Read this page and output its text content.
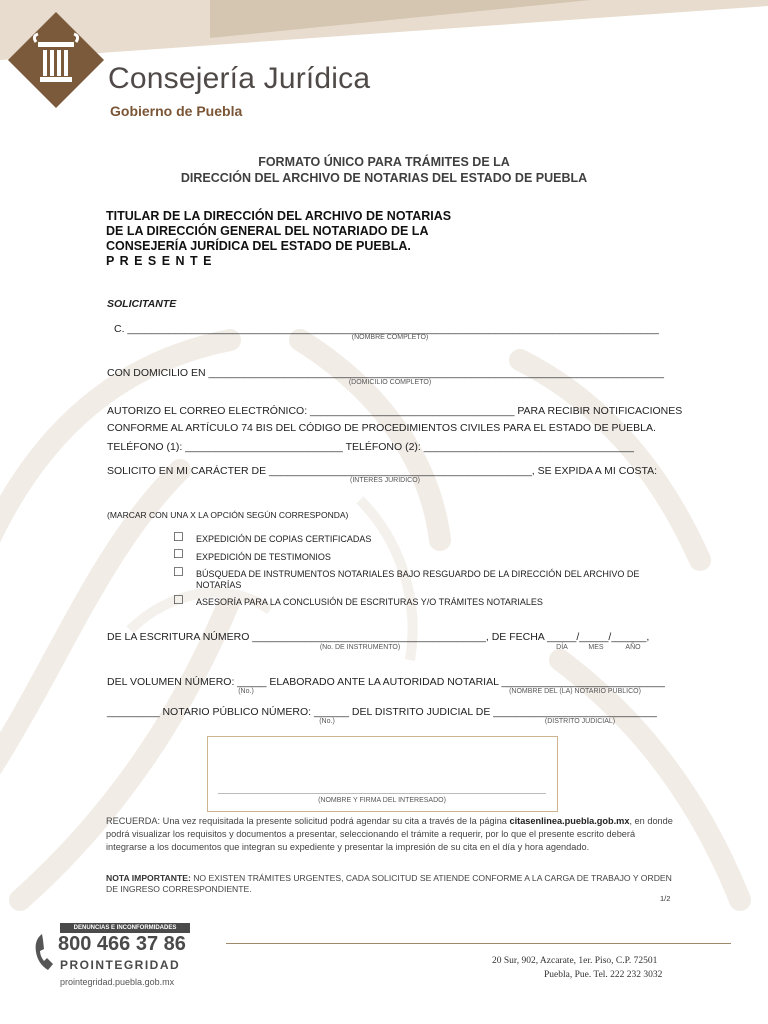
Consejería Jurídica
Gobierno de Puebla
FORMATO ÚNICO PARA TRÁMITES DE LA
DIRECCIÓN DEL ARCHIVO DE NOTARIAS DEL ESTADO DE PUEBLA
TITULAR DE LA DIRECCIÓN DEL ARCHIVO DE NOTARIAS
DE LA DIRECCIÓN GENERAL DEL NOTARIADO DE LA
CONSEJERÍA JURÍDICA DEL ESTADO DE PUEBLA.
P R E S E N T E
SOLICITANTE
C. ___________________________________________________________________________________________
(NOMBRE COMPLETO)
CON DOMICILIO EN ______________________________________________________________________________
(DOMICILIO COMPLETO)
AUTORIZO EL CORREO ELECTRÓNICO: ___________________________________ PARA RECIBIR NOTIFICACIONES
CONFORME AL ARTÍCULO 74 BIS DEL CÓDIGO DE PROCEDIMIENTOS CIVILES PARA EL ESTADO DE PUEBLA.
TELÉFONO (1): ___________________________ TELÉFONO (2): ____________________________________
SOLICITO EN MI CARÁCTER DE _____________________________________________, SE EXPIDA A MI COSTA:
(INTERÉS JURÍDICO)
(MARCAR CON UNA X LA OPCIÓN SEGÚN CORRESPONDA)
☐ EXPEDICIÓN DE COPIAS CERTIFICADAS
☐ EXPEDICIÓN DE TESTIMONIOS
☐ BÚSQUEDA DE INSTRUMENTOS NOTARIALES BAJO RESGUARDO DE LA DIRECCIÓN DEL ARCHIVO DE
NOTARÍAS
☐ ASESORÍA PARA LA CONCLUSIÓN DE ESCRITURAS Y/O TRÁMITES NOTARIALES
DE LA ESCRITURA NÚMERO ________________________________________, DE FECHA _____/_____/______,
(No. DE INSTRUMENTO)	DÍA	MES	AÑO
DEL VOLUMEN NÚMERO: _____ ELABORADO ANTE LA AUTORIDAD NOTARIAL ____________________________
(No.)	(NOMBRE DEL (LA) NOTARIO PÚBLICO)
_________ NOTARIO PÚBLICO NÚMERO: ______ DEL DISTRITO JUDICIAL DE ____________________________
(No.)	(DISTRITO JUDICIAL)
(NOMBRE Y FIRMA DEL INTERESADO)
RECUERDA: Una vez requisitada la presente solicitud podrá agendar su cita a través de la página citasenlinea.puebla.gob.mx, en donde podrá visualizar los requisitos y documentos a presentar, seleccionando el trámite a requerir, por lo que el presente escrito deberá integrarse a los documentos que integran su expediente y presentar la impresión de su cita en el día y hora agendado.
NOTA IMPORTANTE: NO EXISTEN TRÁMITES URGENTES, CADA SOLICITUD SE ATIENDE CONFORME A LA CARGA DE TRABAJO Y ORDEN DE INGRESO CORRESPONDIENTE.
1/2
DENUNCIAS E INCONFORMIDADES
800 466 37 86
PROINTEGRIDAD
prointegridad.puebla.gob.mx
20 Sur, 902, Azcarate, 1er. Piso, C.P. 72501
Puebla, Pue. Tel. 222 232 3032
